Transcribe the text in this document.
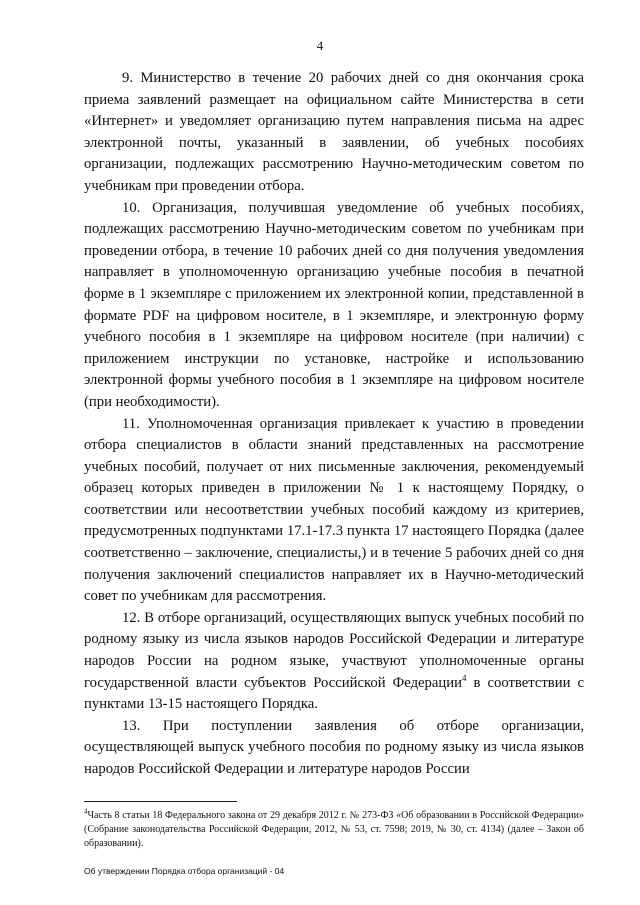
4

9. Министерство в течение 20 рабочих дней со дня окончания срока приема заявлений размещает на официальном сайте Министерства в сети «Интернет» и уведомляет организацию путем направления письма на адрес электронной почты, указанный в заявлении, об учебных пособиях организации, подлежащих рассмотрению Научно-методическим советом по учебникам при проведении отбора.

10. Организация, получившая уведомление об учебных пособиях, подлежащих рассмотрению Научно-методическим советом по учебникам при проведении отбора, в течение 10 рабочих дней со дня получения уведомления направляет в уполномоченную организацию учебные пособия в печатной форме в 1 экземпляре с приложением их электронной копии, представленной в формате PDF на цифровом носителе, в 1 экземпляре, и электронную форму учебного пособия в 1 экземпляре на цифровом носителе (при наличии) с приложением инструкции по установке, настройке и использованию электронной формы учебного пособия в 1 экземпляре на цифровом носителе (при необходимости).

11. Уполномоченная организация привлекает к участию в проведении отбора специалистов в области знаний представленных на рассмотрение учебных пособий, получает от них письменные заключения, рекомендуемый образец которых приведен в приложении № 1 к настоящему Порядку, о соответствии или несоответствии учебных пособий каждому из критериев, предусмотренных подпунктами 17.1-17.3 пункта 17 настоящего Порядка (далее соответственно – заключение, специалисты,) и в течение 5 рабочих дней со дня получения заключений специалистов направляет их в Научно-методический совет по учебникам для рассмотрения.

12. В отборе организаций, осуществляющих выпуск учебных пособий по родному языку из числа языков народов Российской Федерации и литературе народов России на родном языке, участвуют уполномоченные органы государственной власти субъектов Российской Федерации$^4$ в соответствии с пунктами 13-15 настоящего Порядка.

13. При поступлении заявления об отборе организации, осуществляющей выпуск учебного пособия по родному языку из числа языков народов Российской Федерации и литературе народов России

$^4$Часть 8 статьи 18 Федерального закона от 29 декабря 2012 г. № 273-ФЗ «Об образовании в Российской Федерации» (Собрание законодательства Российской Федерации, 2012, № 53, ст. 7598; 2019, № 30, ст. 4134) (далее – Закон об образовании).
Об утверждении Порядка отбора организаций - 04
